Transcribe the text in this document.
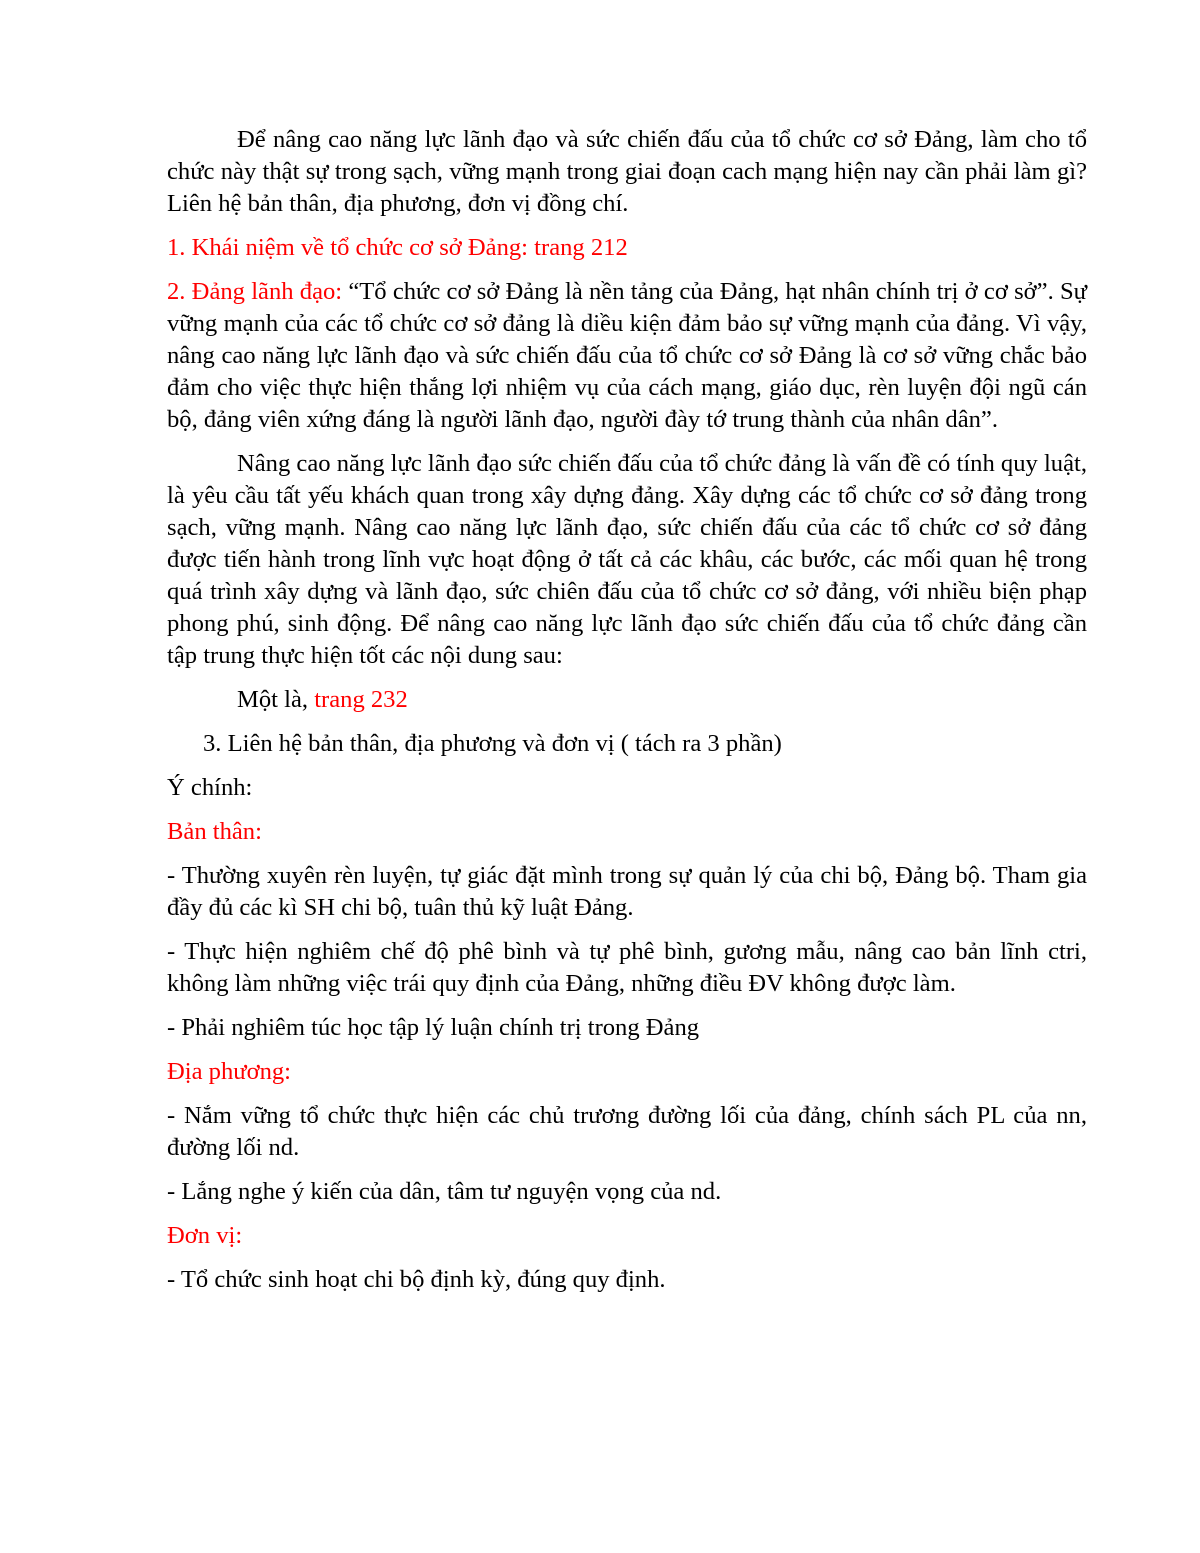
Để nâng cao năng lực lãnh đạo và sức chiến đấu của tổ chức cơ sở Đảng, làm cho tổ chức này thật sự trong sạch, vững mạnh trong giai đoạn cach mạng hiện nay cần phải làm gì? Liên hệ bản thân, địa phương, đơn vị đồng chí.

1. Khái niệm về tổ chức cơ sở Đảng: trang 212

2. Đảng lãnh đạo: “Tổ chức cơ sở Đảng là nền tảng của Đảng, hạt nhân chính trị ở cơ sở”. Sự vững mạnh của các tổ chức cơ sở đảng là diều kiện đảm bảo sự vững mạnh của đảng. Vì vậy, nâng cao năng lực lãnh đạo và sức chiến đấu của tổ chức cơ sở Đảng là cơ sở vững chắc bảo đảm cho việc thực hiện thắng lợi nhiệm vụ của cách mạng, giáo dục, rèn luyện đội ngũ cán bộ, đảng viên xứng đáng là người lãnh đạo, người đày tớ trung thành của nhân dân”.

Nâng cao năng lực lãnh đạo sức chiến đấu của tổ chức đảng là vấn đề có tính quy luật, là yêu cầu tất yếu khách quan trong xây dựng đảng. Xây dựng các tổ chức cơ sở đảng trong sạch, vững mạnh. Nâng cao năng lực lãnh đạo, sức chiến đấu của các tổ chức cơ sở đảng được tiến hành trong lĩnh vực hoạt động ở tất cả các khâu, các bước, các mối quan hệ trong quá trình xây dựng và lãnh đạo, sức chiên đấu của tổ chức cơ sở đảng, với nhiều biện phạp phong phú, sinh động. Để nâng cao năng lực lãnh đạo sức chiến đấu của tổ chức đảng cần tập trung thực hiện tốt các nội dung sau:

Một là, trang 232

3. Liên hệ bản thân, địa phương và đơn vị ( tách ra 3 phần)

Ý chính:

Bản thân:

- Thường xuyên rèn luyện, tự giác đặt mình trong sự quản lý của chi bộ, Đảng bộ. Tham gia đầy đủ các kì SH chi bộ, tuân thủ kỹ luật Đảng.

- Thực hiện nghiêm chế độ phê bình và tự phê bình, gương mẫu, nâng cao bản lĩnh ctri, không làm những việc trái quy định của Đảng, những điều ĐV không được làm.

- Phải nghiêm túc học tập lý luận chính trị trong Đảng

Địa phương:

- Nắm vững tổ chức thực hiện các chủ trương đường lối của đảng, chính sách PL của nn, đường lối nd.

- Lắng nghe ý kiến của dân, tâm tư nguyện vọng của nd.

Đơn vị:

- Tổ chức sinh hoạt chi bộ định kỳ, đúng quy định.
